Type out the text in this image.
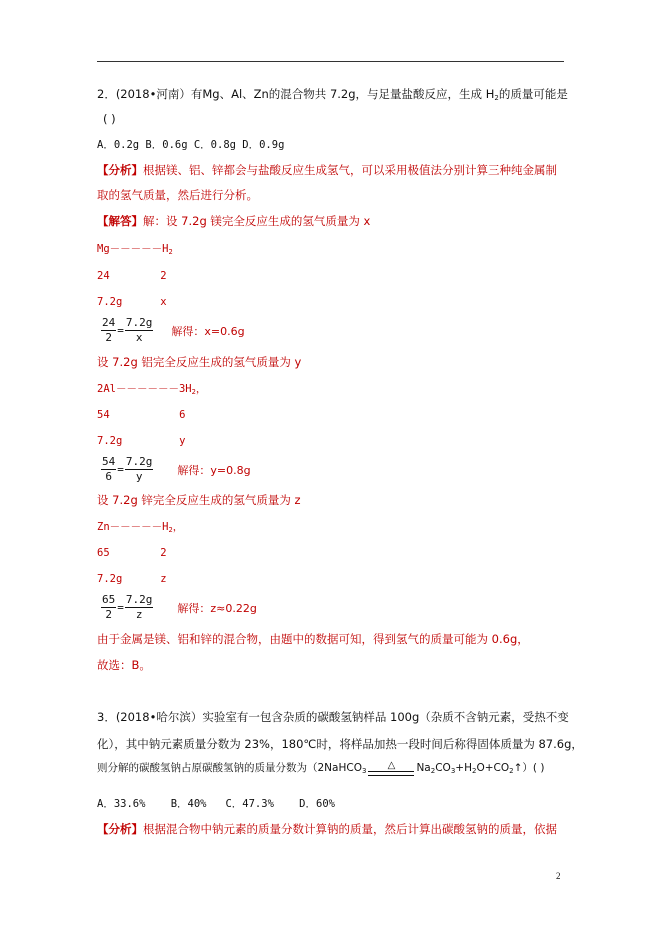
2．(2018•河南）有Mg、Al、Zn的混合物共 7.2g，与足量盐酸反应，生成 $H_2$的质量可能是
( )
A．0.2g B．0.6g C．0.8g D．0.9g
【分析】根据镁、铝、锌都会与盐酸反应生成氢气，可以采用极值法分别计算三种纯金属制
取的氢气质量，然后进行分析。
【解答】解：设 7.2g 镁完全反应生成的氢气质量为 x
$Mg-----H_2$
24        2
7.2g      x
$\frac{24}{2} = \frac{7.2g}{x}$ 解得：x=0.6g
设 7.2g 铝完全反应生成的氢气质量为 y
$2Al------3H_2$，
54           6
7.2g         y
$\frac{54}{6} = \frac{7.2g}{y}$ 解得：y=0.8g
设 7.2g 锌完全反应生成的氢气质量为 z
$Zn-----H_2$，
65        2
7.2g      z
$\frac{65}{2} = \frac{7.2g}{z}$ 解得：z≈0.22g
由于金属是镁、铝和锌的混合物，由题中的数据可知，得到氢气的质量可能为 0.6g，
故选：B。
3．(2018•哈尔滨）实验室有一包含杂质的碳酸氢钠样品 100g（杂质不含钠元素，受热不变
化），其中钠元素质量分数为 23%，180℃时，将样品加热一段时间后称得固体质量为 87.6g，
则分解的碳酸氢钠占原碳酸氢钠的质量分数为（2NaHCO$_3$
△ $Na_2CO_3+H_2O+CO_2↑$）( )
A．33.6%    B．40%   C．47.3%    D．60%
【分析】根据混合物中钠元素的质量分数计算钠的质量，然后计算出碳酸氢钠的质量，依据
2
